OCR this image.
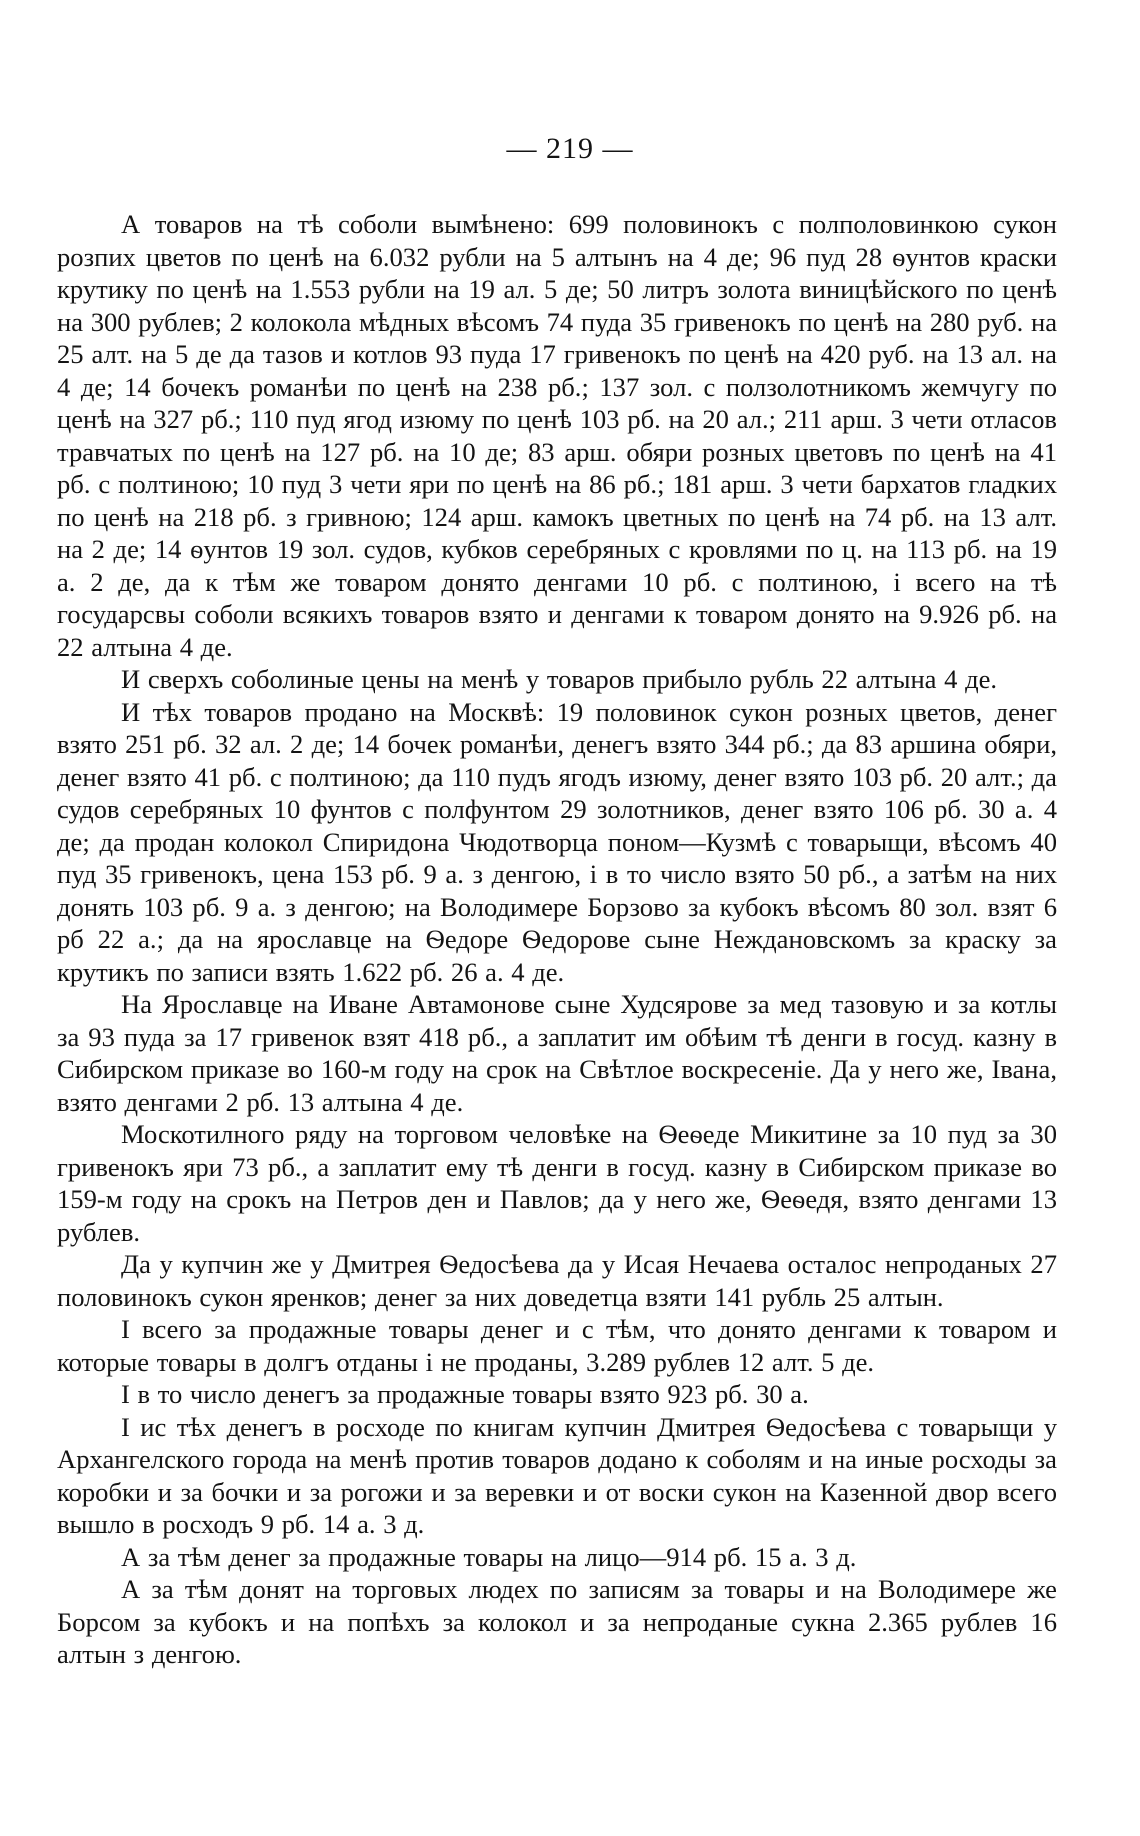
— 219 —

А товаров на тѣ соболи вымѣнено: 699 половинокъ с полполовинкою сукон розпих цветов по ценѣ на 6.032 рубли на 5 алтынъ на 4 де; 96 пуд 28 ѳунтов краски крутику по ценѣ на 1.553 рубли на 19 ал. 5 де; 50 литръ золота виницѣйского по ценѣ на 300 рублев; 2 колокола мѣдных вѣсомъ 74 пуда 35 гривенокъ по ценѣ на 280 руб. на 25 алт. на 5 де да тазов и котлов 93 пуда 17 гривенокъ по ценѣ на 420 руб. на 13 ал. на 4 де; 14 бочекъ романѣи по ценѣ на 238 рб.; 137 зол. с ползолотникомъ жемчугу по ценѣ на 327 рб.; 110 пуд ягод изюму по ценѣ 103 рб. на 20 ал.; 211 арш. 3 чети отласов травчатых по ценѣ на 127 рб. на 10 де; 83 арш. обяри розных цветовъ по ценѣ на 41 рб. с полтиною; 10 пуд 3 чети яри по ценѣ на 86 рб.; 181 арш. 3 чети бархатов гладких по ценѣ на 218 рб. з гривною; 124 арш. камокъ цветных по ценѣ на 74 рб. на 13 алт. на 2 де; 14 ѳунтов 19 зол. судов, кубков серебряных с кровлями по ц. на 113 рб. на 19 а. 2 де, да к тѣм же товаром донято денгами 10 рб. с полтиною, і всего на тѣ государсвы соболи всякихъ товаров взято и денгами к товаром донято на 9.926 рб. на 22 алтына 4 де.

И сверхъ соболиные цены на менѣ у товаров прибыло рубль 22 алтына 4 де.

И тѣх товаров продано на Москвѣ: 19 половинок сукон розных цветов, денег взято 251 рб. 32 ал. 2 де; 14 бочек романѣи, денегъ взято 344 рб.; да 83 аршина обяри, денег взято 41 рб. с полтиною; да 110 пудъ ягодъ изюму, денег взято 103 рб. 20 алт.; да судов серебряных 10 фунтов с полфунтом 29 золотников, денег взято 106 рб. 30 а. 4 де; да продан колокол Спиридона Чюдотворца поном—Кузмѣ с товарыщи, вѣсомъ 40 пуд 35 гривенокъ, цена 153 рб. 9 а. з денгою, і в то число взято 50 рб., а затѣм на них донять 103 рб. 9 а. з денгою; на Володимере Борзово за кубокъ вѣсомъ 80 зол. взят 6 рб 22 а.; да на ярославце на Ѳедоре Ѳедорове сыне Неждановскомъ за краску за крутикъ по записи взять 1.622 рб. 26 а. 4 де.

На Ярославце на Иване Автамонове сыне Худсярове за мед тазовую и за котлы за 93 пуда за 17 гривенок взят 418 рб., а заплатит им обѣим тѣ денги в госуд. казну в Сибирском приказе во 160-м году на срок на Свѣтлое воскресеніе. Да у него же, Івана, взято денгами 2 рб. 13 алтына 4 де.

Москотилного ряду на торговом человѣке на Ѳеѳеде Микитине за 10 пуд за 30 гривенокъ яри 73 рб., а заплатит ему тѣ денги в госуд. казну в Сибирском приказе во 159-м году на срокъ на Петров ден и Павлов; да у него же, Ѳеѳедя, взято денгами 13 рублев.

Да у купчин же у Дмитрея Ѳедосѣева да у Исая Нечаева осталос непроданых 27 половинокъ сукон яренков; денег за них доведетца взяти 141 рубль 25 алтын.

І всего за продажные товары денег и с тѣм, что донято денгами к товаром и которые товары в долгъ отданы і не проданы, 3.289 рублев 12 алт. 5 де.

І в то число денегъ за продажные товары взято 923 рб. 30 а.

І ис тѣх денегъ в росходе по книгам купчин Дмитрея Ѳедосѣева с товарыщи у Архангелского города на менѣ против товаров додано к соболям и на иные росходы за коробки и за бочки и за рогожи и за веревки и от воски сукон на Казенной двор всего вышло в росходъ 9 рб. 14 а. 3 д.

А за тѣм денег за продажные товары на лицо—914 рб. 15 а. 3 д.

А за тѣм донят на торговых людех по записям за товары и на Володимере же Борсом за кубокъ и на попѣхъ за колокол и за непроданые сукна 2.365 рублев 16 алтын з денгою.
